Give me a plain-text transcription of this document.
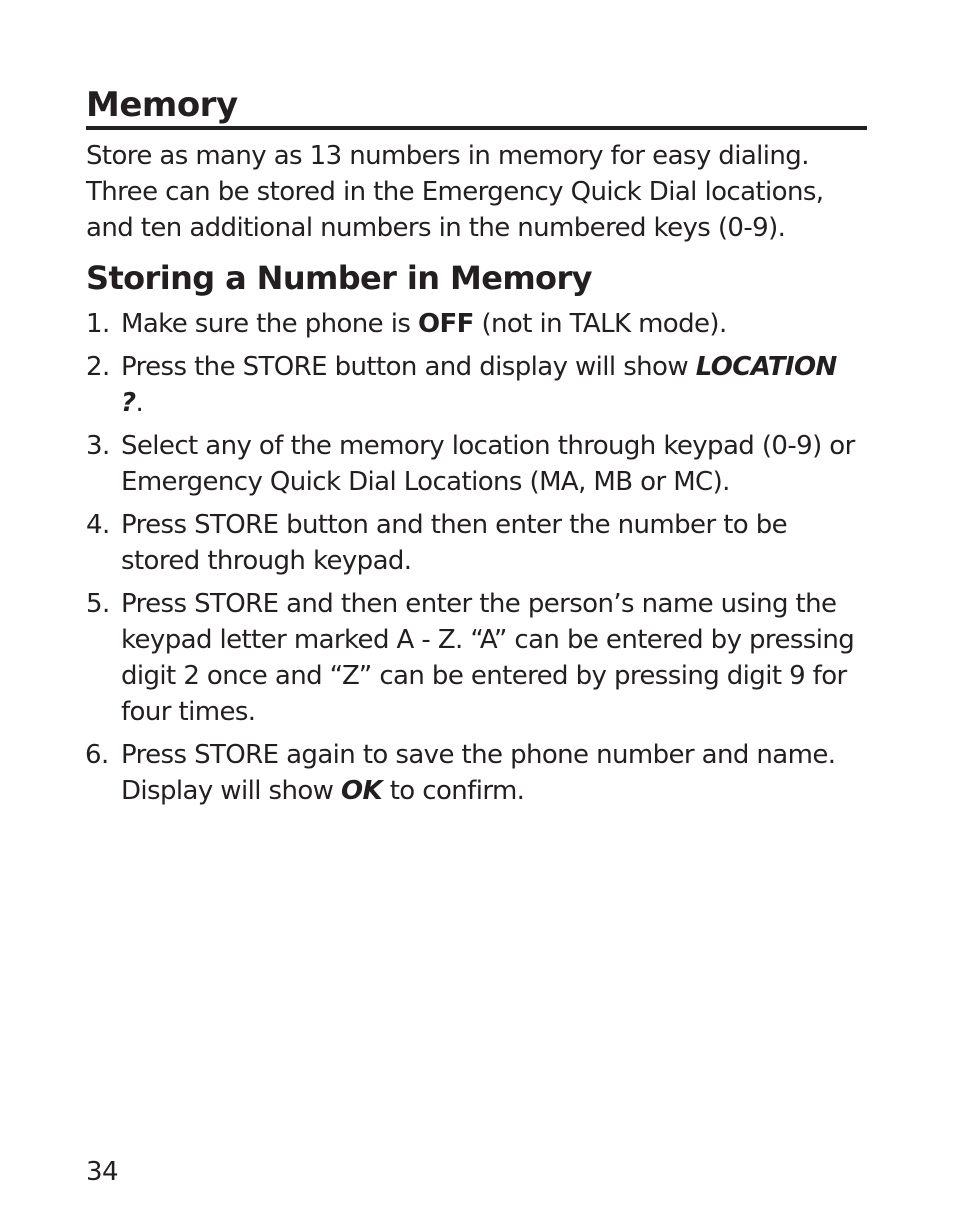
Memory

Store as many as 13 numbers in memory for easy dialing. Three can be stored in the Emergency Quick Dial locations, and ten additional numbers in the numbered keys (0-9).

Storing a Number in Memory
1. Make sure the phone is OFF (not in TALK mode).
2. Press the STORE button and display will show LOCATION ?.
3. Select any of the memory location through keypad (0-9) or Emergency Quick Dial Locations (MA, MB or MC).
4. Press STORE button and then enter the number to be stored through keypad.
5. Press STORE and then enter the person’s name using the keypad letter marked A - Z. “A” can be entered by pressing digit 2 once and “Z” can be entered by pressing digit 9 for four times.
6. Press STORE again to save the phone number and name. Display will show OK to confirm.
34
